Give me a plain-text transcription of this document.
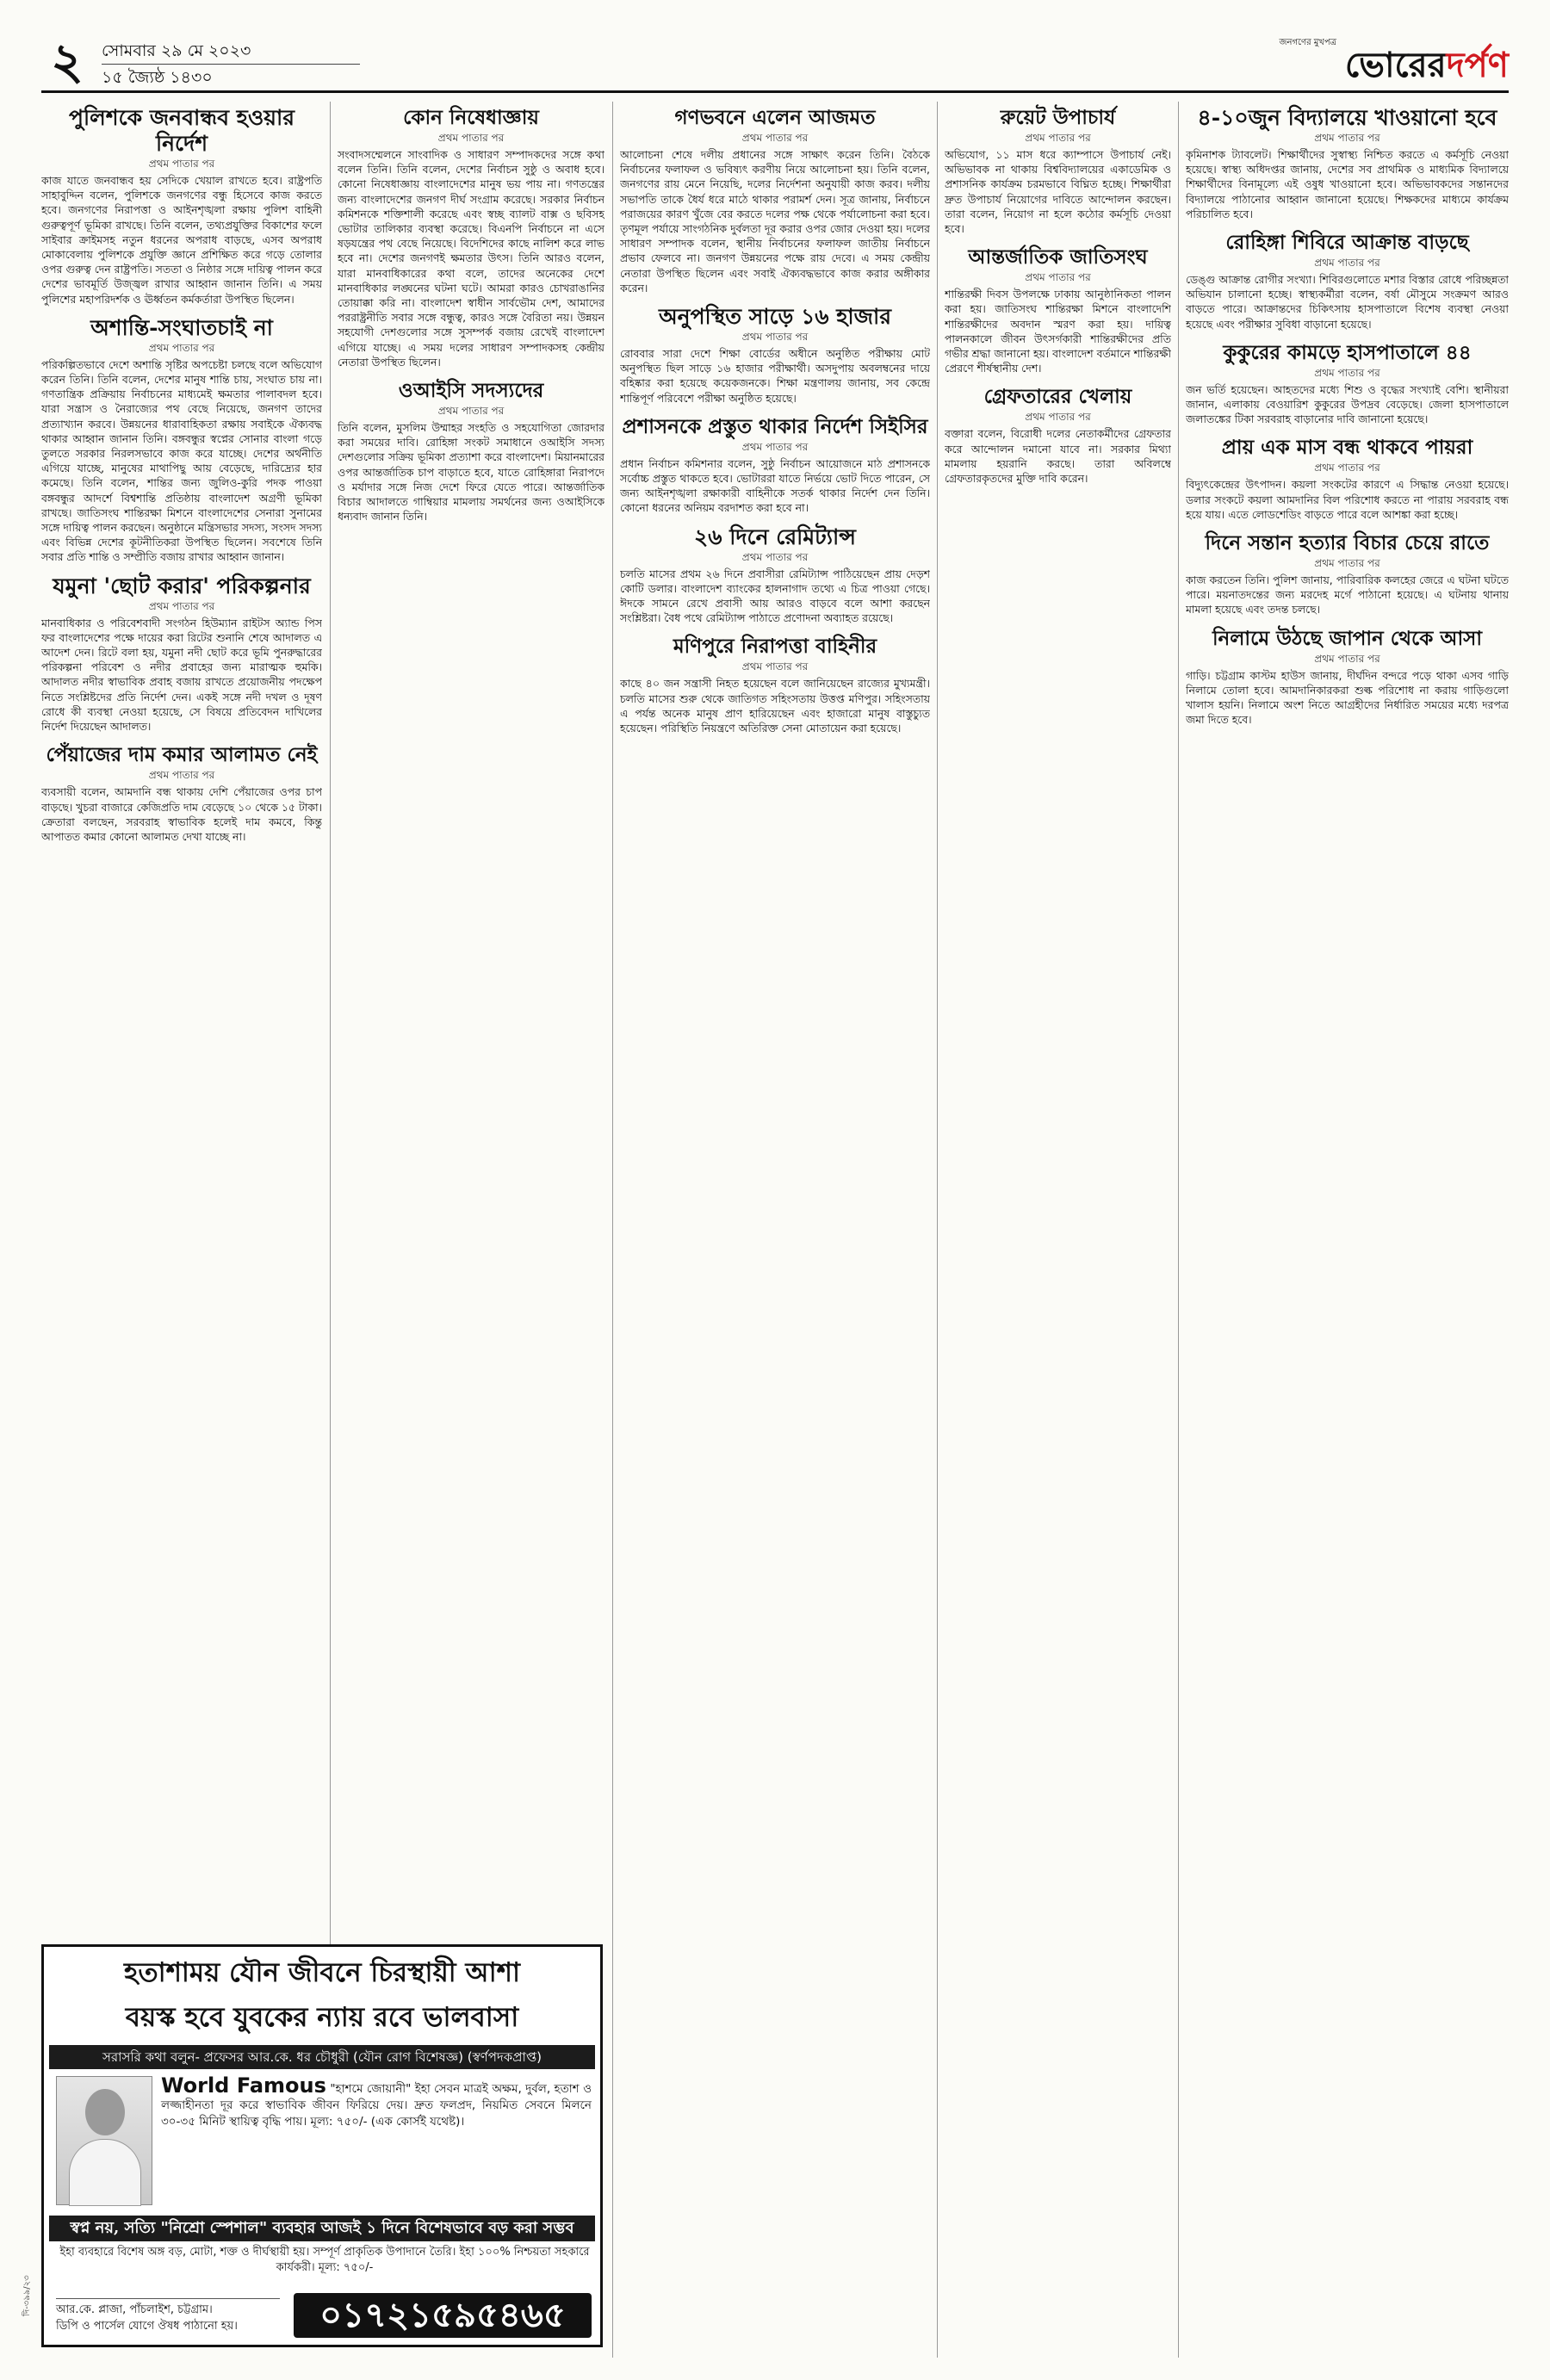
২	সোমবার ২৯ মে ২০২৩
১৫ জ্যৈষ্ঠ ১৪৩০
জনগণের মুখপত্র
ভোরেরদর্পণ
পুলিশকে জনবান্ধব হওয়ার নির্দেশ
প্রথম পাতার পর
কাজ যাতে জনবান্ধব হয় সেদিকে খেয়াল রাখতে হবে। রাষ্ট্রপতি সাহাবুদ্দিন বলেন, পুলিশকে জনগণের বন্ধু হিসেবে কাজ করতে হবে। জনগণের নিরাপত্তা ও আইনশৃঙ্খলা রক্ষায় পুলিশ বাহিনী গুরুত্বপূর্ণ ভূমিকা রাখছে। তিনি বলেন, তথ্যপ্রযুক্তির বিকাশের ফলে সাইবার ক্রাইমসহ নতুন ধরনের অপরাধ বাড়ছে, এসব অপরাধ মোকাবেলায় পুলিশকে প্রযুক্তি জ্ঞানে প্রশিক্ষিত করে গড়ে তোলার ওপর গুরুত্ব দেন রাষ্ট্রপতি। সততা ও নিষ্ঠার সঙ্গে দায়িত্ব পালন করে দেশের ভাবমূর্তি উজ্জ্বল রাখার আহ্বান জানান তিনি। এ সময় পুলিশের মহাপরিদর্শক ও ঊর্ধ্বতন কর্মকর্তারা উপস্থিত ছিলেন।
অশান্তি-সংঘাতচাই না
প্রথম পাতার পর
পরিকল্পিতভাবে দেশে অশান্তি সৃষ্টির অপচেষ্টা চলছে বলে অভিযোগ করেন তিনি। তিনি বলেন, দেশের মানুষ শান্তি চায়, সংঘাত চায় না। গণতান্ত্রিক প্রক্রিয়ায় নির্বাচনের মাধ্যমেই ক্ষমতার পালাবদল হবে। যারা সন্ত্রাস ও নৈরাজ্যের পথ বেছে নিয়েছে, জনগণ তাদের প্রত্যাখ্যান করবে। উন্নয়নের ধারাবাহিকতা রক্ষায় সবাইকে ঐক্যবদ্ধ থাকার আহ্বান জানান তিনি। বঙ্গবন্ধুর স্বপ্নের সোনার বাংলা গড়ে তুলতে সরকার নিরলসভাবে কাজ করে যাচ্ছে। দেশের অর্থনীতি এগিয়ে যাচ্ছে, মানুষের মাথাপিছু আয় বেড়েছে, দারিদ্র্যের হার কমেছে। তিনি বলেন, শান্তির জন্য জুলিও-কুরি পদক পাওয়া বঙ্গবন্ধুর আদর্শে বিশ্বশান্তি প্রতিষ্ঠায় বাংলাদেশ অগ্রণী ভূমিকা রাখছে। জাতিসংঘ শান্তিরক্ষা মিশনে বাংলাদেশের সেনারা সুনামের সঙ্গে দায়িত্ব পালন করছেন। অনুষ্ঠানে মন্ত্রিসভার সদস্য, সংসদ সদস্য এবং বিভিন্ন দেশের কূটনীতিকরা উপস্থিত ছিলেন। সবশেষে তিনি সবার প্রতি শান্তি ও সম্প্রীতি বজায় রাখার আহ্বান জানান।
যমুনা 'ছোট করার' পরিকল্পনার
প্রথম পাতার পর
মানবাধিকার ও পরিবেশবাদী সংগঠন হিউম্যান রাইটস অ্যান্ড পিস ফর বাংলাদেশের পক্ষে দায়ের করা রিটের শুনানি শেষে আদালত এ আদেশ দেন। রিটে বলা হয়, যমুনা নদী ছোট করে ভূমি পুনরুদ্ধারের পরিকল্পনা পরিবেশ ও নদীর প্রবাহের জন্য মারাত্মক হুমকি। আদালত নদীর স্বাভাবিক প্রবাহ বজায় রাখতে প্রয়োজনীয় পদক্ষেপ নিতে সংশ্লিষ্টদের প্রতি নির্দেশ দেন। একই সঙ্গে নদী দখল ও দূষণ রোধে কী ব্যবস্থা নেওয়া হয়েছে, সে বিষয়ে প্রতিবেদন দাখিলের নির্দেশ দিয়েছেন আদালত।
পেঁয়াজের দাম কমার আলামত নেই
প্রথম পাতার পর
ব্যবসায়ী বলেন, আমদানি বন্ধ থাকায় দেশি পেঁয়াজের ওপর চাপ বাড়ছে। খুচরা বাজারে কেজিপ্রতি দাম বেড়েছে ১০ থেকে ১৫ টাকা। ক্রেতারা বলছেন, সরবরাহ স্বাভাবিক হলেই দাম কমবে, কিন্তু আপাতত কমার কোনো আলামত দেখা যাচ্ছে না।
কোন নিষেধাজ্ঞায়
প্রথম পাতার পর
সংবাদসম্মেলনে সাংবাদিক ও সাধারণ সম্পাদকদের সঙ্গে কথা বলেন তিনি। তিনি বলেন, দেশের নির্বাচন সুষ্ঠু ও অবাধ হবে। কোনো নিষেধাজ্ঞায় বাংলাদেশের মানুষ ভয় পায় না। গণতন্ত্রের জন্য বাংলাদেশের জনগণ দীর্ঘ সংগ্রাম করেছে। সরকার নির্বাচন কমিশনকে শক্তিশালী করেছে এবং স্বচ্ছ ব্যালট বাক্স ও ছবিসহ ভোটার তালিকার ব্যবস্থা করেছে। বিএনপি নির্বাচনে না এসে ষড়যন্ত্রের পথ বেছে নিয়েছে। বিদেশিদের কাছে নালিশ করে লাভ হবে না। দেশের জনগণই ক্ষমতার উৎস। তিনি আরও বলেন, যারা মানবাধিকারের কথা বলে, তাদের অনেকের দেশে মানবাধিকার লঙ্ঘনের ঘটনা ঘটে। আমরা কারও চোখরাঙানির তোয়াক্কা করি না। বাংলাদেশ স্বাধীন সার্বভৌম দেশ, আমাদের পররাষ্ট্রনীতি সবার সঙ্গে বন্ধুত্ব, কারও সঙ্গে বৈরিতা নয়। উন্নয়ন সহযোগী দেশগুলোর সঙ্গে সুসম্পর্ক বজায় রেখেই বাংলাদেশ এগিয়ে যাচ্ছে। এ সময় দলের সাধারণ সম্পাদকসহ কেন্দ্রীয় নেতারা উপস্থিত ছিলেন।
ওআইসি সদস্যদের
প্রথম পাতার পর
তিনি বলেন, মুসলিম উম্মাহর সংহতি ও সহযোগিতা জোরদার করা সময়ের দাবি। রোহিঙ্গা সংকট সমাধানে ওআইসি সদস্য দেশগুলোর সক্রিয় ভূমিকা প্রত্যাশা করে বাংলাদেশ। মিয়ানমারের ওপর আন্তর্জাতিক চাপ বাড়াতে হবে, যাতে রোহিঙ্গারা নিরাপদে ও মর্যাদার সঙ্গে নিজ দেশে ফিরে যেতে পারে। আন্তর্জাতিক বিচার আদালতে গাম্বিয়ার মামলায় সমর্থনের জন্য ওআইসিকে ধন্যবাদ জানান তিনি।
গণভবনে এলেন আজমত
প্রথম পাতার পর
আলোচনা শেষে দলীয় প্রধানের সঙ্গে সাক্ষাৎ করেন তিনি। বৈঠকে নির্বাচনের ফলাফল ও ভবিষ্যৎ করণীয় নিয়ে আলোচনা হয়। তিনি বলেন, জনগণের রায় মেনে নিয়েছি, দলের নির্দেশনা অনুযায়ী কাজ করব। দলীয় সভাপতি তাকে ধৈর্য ধরে মাঠে থাকার পরামর্শ দেন। সূত্র জানায়, নির্বাচনে পরাজয়ের কারণ খুঁজে বের করতে দলের পক্ষ থেকে পর্যালোচনা করা হবে। তৃণমূল পর্যায়ে সাংগঠনিক দুর্বলতা দূর করার ওপর জোর দেওয়া হয়। দলের সাধারণ সম্পাদক বলেন, স্থানীয় নির্বাচনের ফলাফল জাতীয় নির্বাচনে প্রভাব ফেলবে না। জনগণ উন্নয়নের পক্ষে রায় দেবে। এ সময় কেন্দ্রীয় নেতারা উপস্থিত ছিলেন এবং সবাই ঐক্যবদ্ধভাবে কাজ করার অঙ্গীকার করেন।
অনুপস্থিত সাড়ে ১৬ হাজার
প্রথম পাতার পর
রোববার সারা দেশে শিক্ষা বোর্ডের অধীনে অনুষ্ঠিত পরীক্ষায় মোট অনুপস্থিত ছিল সাড়ে ১৬ হাজার পরীক্ষার্থী। অসদুপায় অবলম্বনের দায়ে বহিষ্কার করা হয়েছে কয়েকজনকে। শিক্ষা মন্ত্রণালয় জানায়, সব কেন্দ্রে শান্তিপূর্ণ পরিবেশে পরীক্ষা অনুষ্ঠিত হয়েছে।
প্রশাসনকে প্রস্তুত থাকার নির্দেশ সিইসির
প্রথম পাতার পর
প্রধান নির্বাচন কমিশনার বলেন, সুষ্ঠু নির্বাচন আয়োজনে মাঠ প্রশাসনকে সর্বোচ্চ প্রস্তুত থাকতে হবে। ভোটাররা যাতে নির্ভয়ে ভোট দিতে পারেন, সে জন্য আইনশৃঙ্খলা রক্ষাকারী বাহিনীকে সতর্ক থাকার নির্দেশ দেন তিনি। কোনো ধরনের অনিয়ম বরদাশত করা হবে না।
২৬ দিনে রেমিট্যান্স
প্রথম পাতার পর
চলতি মাসের প্রথম ২৬ দিনে প্রবাসীরা রেমিট্যান্স পাঠিয়েছেন প্রায় দেড়শ কোটি ডলার। বাংলাদেশ ব্যাংকের হালনাগাদ তথ্যে এ চিত্র পাওয়া গেছে। ঈদকে সামনে রেখে প্রবাসী আয় আরও বাড়বে বলে আশা করছেন সংশ্লিষ্টরা। বৈধ পথে রেমিট্যান্স পাঠাতে প্রণোদনা অব্যাহত রয়েছে।
মণিপুরে নিরাপত্তা বাহিনীর
প্রথম পাতার পর
কাছে ৪০ জন সন্ত্রাসী নিহত হয়েছেন বলে জানিয়েছেন রাজ্যের মুখ্যমন্ত্রী। চলতি মাসের শুরু থেকে জাতিগত সহিংসতায় উত্তপ্ত মণিপুর। সহিংসতায় এ পর্যন্ত অনেক মানুষ প্রাণ হারিয়েছেন এবং হাজারো মানুষ বাস্তুচ্যুত হয়েছেন। পরিস্থিতি নিয়ন্ত্রণে অতিরিক্ত সেনা মোতায়েন করা হয়েছে।
রুয়েট উপাচার্য
প্রথম পাতার পর
অভিযোগ, ১১ মাস ধরে ক্যাম্পাসে উপাচার্য নেই। অভিভাবক না থাকায় বিশ্ববিদ্যালয়ের একাডেমিক ও প্রশাসনিক কার্যক্রম চরমভাবে বিঘ্নিত হচ্ছে। শিক্ষার্থীরা দ্রুত উপাচার্য নিয়োগের দাবিতে আন্দোলন করছেন। তারা বলেন, নিয়োগ না হলে কঠোর কর্মসূচি দেওয়া হবে।
আন্তর্জাতিক জাতিসংঘ
প্রথম পাতার পর
শান্তিরক্ষী দিবস উপলক্ষে ঢাকায় আনুষ্ঠানিকতা পালন করা হয়। জাতিসংঘ শান্তিরক্ষা মিশনে বাংলাদেশি শান্তিরক্ষীদের অবদান স্মরণ করা হয়। দায়িত্ব পালনকালে জীবন উৎসর্গকারী শান্তিরক্ষীদের প্রতি গভীর শ্রদ্ধা জানানো হয়। বাংলাদেশ বর্তমানে শান্তিরক্ষী প্রেরণে শীর্ষস্থানীয় দেশ।
গ্রেফতারের খেলায়
প্রথম পাতার পর
বক্তারা বলেন, বিরোধী দলের নেতাকর্মীদের গ্রেফতার করে আন্দোলন দমানো যাবে না। সরকার মিথ্যা মামলায় হয়রানি করছে। তারা অবিলম্বে গ্রেফতারকৃতদের মুক্তি দাবি করেন।
৪-১০জুন বিদ্যালয়ে খাওয়ানো হবে
প্রথম পাতার পর
কৃমিনাশক ট্যাবলেট। শিক্ষার্থীদের সুস্বাস্থ্য নিশ্চিত করতে এ কর্মসূচি নেওয়া হয়েছে। স্বাস্থ্য অধিদপ্তর জানায়, দেশের সব প্রাথমিক ও মাধ্যমিক বিদ্যালয়ে শিক্ষার্থীদের বিনামূল্যে এই ওষুধ খাওয়ানো হবে। অভিভাবকদের সন্তানদের বিদ্যালয়ে পাঠানোর আহ্বান জানানো হয়েছে। শিক্ষকদের মাধ্যমে কার্যক্রম পরিচালিত হবে।
রোহিঙ্গা শিবিরে আক্রান্ত বাড়ছে
প্রথম পাতার পর
ডেঙ্গু আক্রান্ত রোগীর সংখ্যা। শিবিরগুলোতে মশার বিস্তার রোধে পরিচ্ছন্নতা অভিযান চালানো হচ্ছে। স্বাস্থ্যকর্মীরা বলেন, বর্ষা মৌসুমে সংক্রমণ আরও বাড়তে পারে। আক্রান্তদের চিকিৎসায় হাসপাতালে বিশেষ ব্যবস্থা নেওয়া হয়েছে এবং পরীক্ষার সুবিধা বাড়ানো হয়েছে।
কুকুরের কামড়ে হাসপাতালে ৪৪
প্রথম পাতার পর
জন ভর্তি হয়েছেন। আহতদের মধ্যে শিশু ও বৃদ্ধের সংখ্যাই বেশি। স্থানীয়রা জানান, এলাকায় বেওয়ারিশ কুকুরের উপদ্রব বেড়েছে। জেলা হাসপাতালে জলাতঙ্কের টিকা সরবরাহ বাড়ানোর দাবি জানানো হয়েছে।
প্রায় এক মাস বন্ধ থাকবে পায়রা
প্রথম পাতার পর
বিদ্যুৎকেন্দ্রের উৎপাদন। কয়লা সংকটের কারণে এ সিদ্ধান্ত নেওয়া হয়েছে। ডলার সংকটে কয়লা আমদানির বিল পরিশোধ করতে না পারায় সরবরাহ বন্ধ হয়ে যায়। এতে লোডশেডিং বাড়তে পারে বলে আশঙ্কা করা হচ্ছে।
দিনে সন্তান হত্যার বিচার চেয়ে রাতে
প্রথম পাতার পর
কাজ করতেন তিনি। পুলিশ জানায়, পারিবারিক কলহের জেরে এ ঘটনা ঘটতে পারে। ময়নাতদন্তের জন্য মরদেহ মর্গে পাঠানো হয়েছে। এ ঘটনায় থানায় মামলা হয়েছে এবং তদন্ত চলছে।
নিলামে উঠছে জাপান থেকে আসা
প্রথম পাতার পর
গাড়ি। চট্টগ্রাম কাস্টম হাউস জানায়, দীর্ঘদিন বন্দরে পড়ে থাকা এসব গাড়ি নিলামে তোলা হবে। আমদানিকারকরা শুল্ক পরিশোধ না করায় গাড়িগুলো খালাস হয়নি। নিলামে অংশ নিতে আগ্রহীদের নির্ধারিত সময়ের মধ্যে দরপত্র জমা দিতে হবে।
হতাশাময় যৌন জীবনে চিরস্থায়ী আশা
বয়স্ক হবে যুবকের ন্যায় রবে ভালবাসা
সরাসরি কথা বলুন- প্রফেসর আর.কে. ধর চৌধুরী (যৌন রোগ বিশেষজ্ঞ) (স্বর্ণপদকপ্রাপ্ত)
World Famous "হাশমে জোয়ানী" ইহা সেবন মাত্রই অক্ষম, দুর্বল, হতাশ ও লজ্জাহীনতা দূর করে স্বাভাবিক জীবন ফিরিয়ে দেয়। দ্রুত ফলপ্রদ, নিয়মিত সেবনে মিলনে ৩০-৩৫ মিনিট স্থায়িত্ব বৃদ্ধি পায়। মূল্য: ৭৫০/- (এক কোর্সই যথেষ্ট)।
স্বপ্ন নয়, সত্যি "নিশ্ৰো স্পেশাল" ব্যবহার আজই ১ দিনে বিশেষভাবে বড় করা সম্ভব
ইহা ব্যবহারে বিশেষ অঙ্গ বড়, মোটা, শক্ত ও দীর্ঘস্থায়ী হয়। সম্পূর্ণ প্রাকৃতিক উপাদানে তৈরি। ইহা ১০০% নিশ্চয়তা সহকারে কার্যকরী। মূল্য: ৭৫০/-
আর.কে. প্লাজা, পাঁচলাইশ, চট্টগ্রাম।
ডিপি ও পার্সেল যোগে ঔষধ পাঠানো হয়।	০১৭২১৫৯৫৪৬৫
দি-৩৯৯/২৩
